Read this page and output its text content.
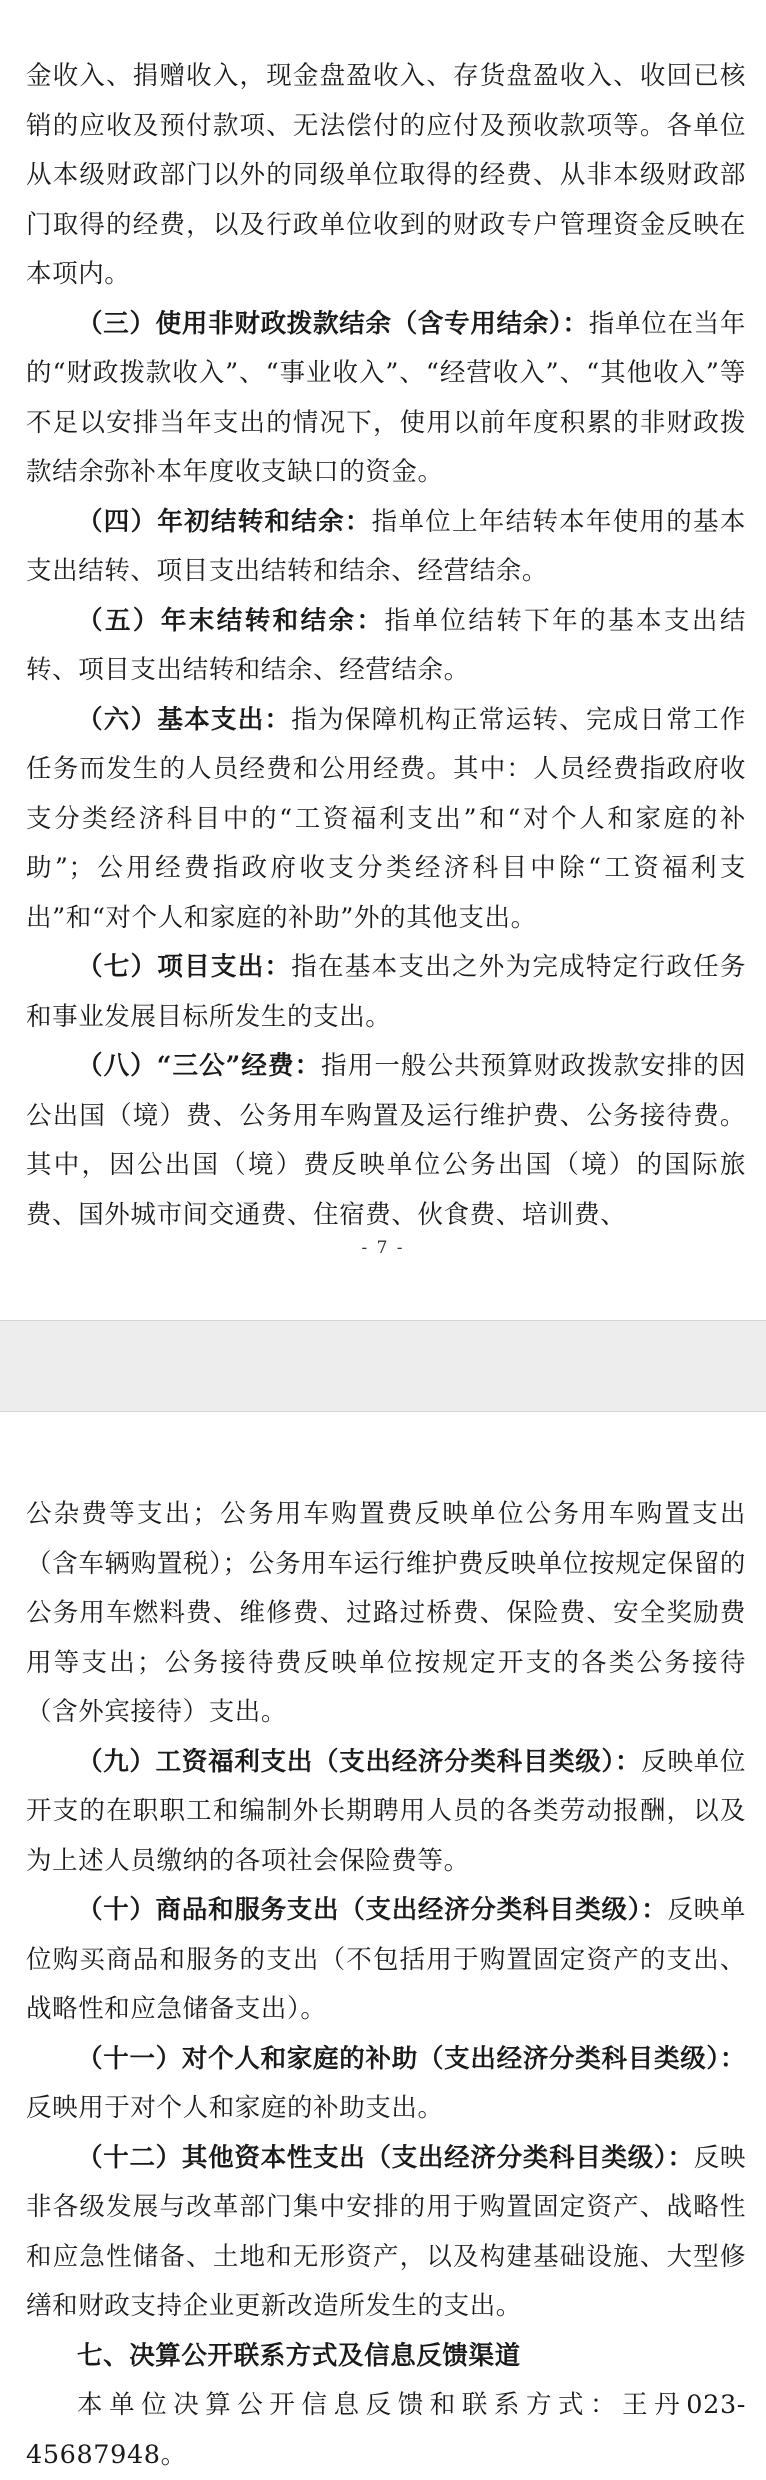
金收入、捐赠收入，现金盘盈收入、存货盘盈收入、收回已核销的应收及预付款项、无法偿付的应付及预收款项等。各单位从本级财政部门以外的同级单位取得的经费、从非本级财政部门取得的经费，以及行政单位收到的财政专户管理资金反映在本项内。

（三）使用非财政拨款结余（含专用结余）：指单位在当年的“财政拨款收入”、“事业收入”、“经营收入”、“其他收入”等不足以安排当年支出的情况下，使用以前年度积累的非财政拨款结余弥补本年度收支缺口的资金。

（四）年初结转和结余：指单位上年结转本年使用的基本支出结转、项目支出结转和结余、经营结余。

（五）年末结转和结余：指单位结转下年的基本支出结转、项目支出结转和结余、经营结余。

（六）基本支出：指为保障机构正常运转、完成日常工作任务而发生的人员经费和公用经费。其中：人员经费指政府收支分类经济科目中的“工资福利支出”和“对个人和家庭的补助”；公用经费指政府收支分类经济科目中除“工资福利支出”和“对个人和家庭的补助”外的其他支出。

（七）项目支出：指在基本支出之外为完成特定行政任务和事业发展目标所发生的支出。

（八）“三公”经费：指用一般公共预算财政拨款安排的因公出国（境）费、公务用车购置及运行维护费、公务接待费。其中，因公出国（境）费反映单位公务出国（境）的国际旅费、国外城市间交通费、住宿费、伙食费、培训费、

- 7 -

公杂费等支出；公务用车购置费反映单位公务用车购置支出（含车辆购置税）；公务用车运行维护费反映单位按规定保留的公务用车燃料费、维修费、过路过桥费、保险费、安全奖励费用等支出；公务接待费反映单位按规定开支的各类公务接待（含外宾接待）支出。

（九）工资福利支出（支出经济分类科目类级）：反映单位开支的在职职工和编制外长期聘用人员的各类劳动报酬，以及为上述人员缴纳的各项社会保险费等。

（十）商品和服务支出（支出经济分类科目类级）：反映单位购买商品和服务的支出（不包括用于购置固定资产的支出、战略性和应急储备支出）。

（十一）对个人和家庭的补助（支出经济分类科目类级）：反映用于对个人和家庭的补助支出。

（十二）其他资本性支出（支出经济分类科目类级）：反映非各级发展与改革部门集中安排的用于购置固定资产、战略性和应急性储备、土地和无形资产，以及构建基础设施、大型修缮和财政支持企业更新改造所发生的支出。

七、决算公开联系方式及信息反馈渠道

本单位决算公开信息反馈和联系方式：王丹023-45687948。
